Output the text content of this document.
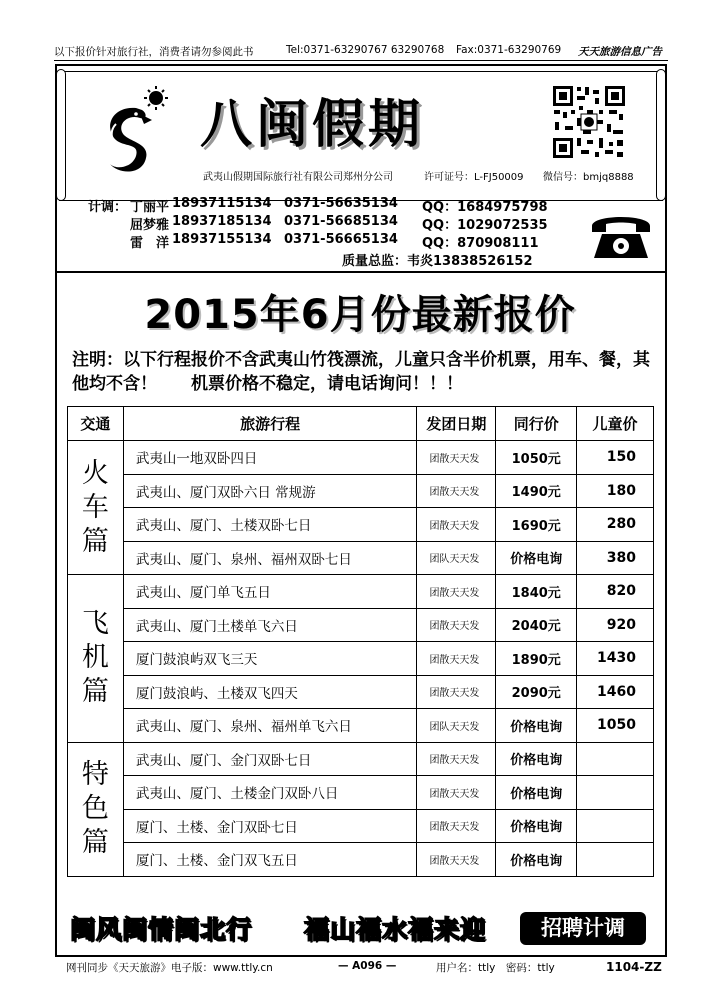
以下报价针对旅行社，消费者请勿参阅此书	Tel:0371-63290767 63290768 Fax:0371-63290769 天天旅游信息广告
八闽假期
武夷山假期国际旅行社有限公司郑州分公司	许可证号：L-FJ50009 微信号：bmjq8888
计调： 丁丽平 18937115134 0371-56635134 QQ：1684975798
屈梦雅 18937185134 0371-56685134 QQ：1029072535
雷　洋 18937155134 0371-56665134 QQ：870908111
质量总监：韦炎13838526152
2015年6月份最新报价
注明：以下行程报价不含武夷山竹筏漂流，儿童只含半价机票，用车、餐，其他均不含！　　机票价格不稳定，请电话询问！！！
交通	旅游行程	发团日期	同行价	儿童价

火车篇	武夷山一地双卧四日	团散天天发	1050元	150
	武夷山、厦门双卧六日 常规游	团散天天发	1490元	180
	武夷山、厦门、土楼双卧七日	团散天天发	1690元	280
	武夷山、厦门、泉州、福州双卧七日	团队天天发	价格电询	380

飞机篇	武夷山、厦门单飞五日	团散天天发	1840元	820
	武夷山、厦门土楼单飞六日	团散天天发	2040元	920
	厦门鼓浪屿双飞三天	团散天天发	1890元	1430
	厦门鼓浪屿、土楼双飞四天	团散天天发	2090元	1460
	武夷山、厦门、泉州、福州单飞六日	团队天天发	价格电询	1050

特色篇	武夷山、厦门、金门双卧七日	团散天天发	价格电询	
	武夷山、厦门、土楼金门双卧八日	团散天天发	价格电询	
	厦门、土楼、金门双卧七日	团散天天发	价格电询	
	厦门、土楼、金门双飞五日	团散天天发	价格电询	
闽风闽情闽北行 福山福水福来迎	招聘计调
网刊同步《天天旅游》电子版：www.ttly.cn	— A096 —	用户名：ttly　密码：ttly	1104-ZZ
